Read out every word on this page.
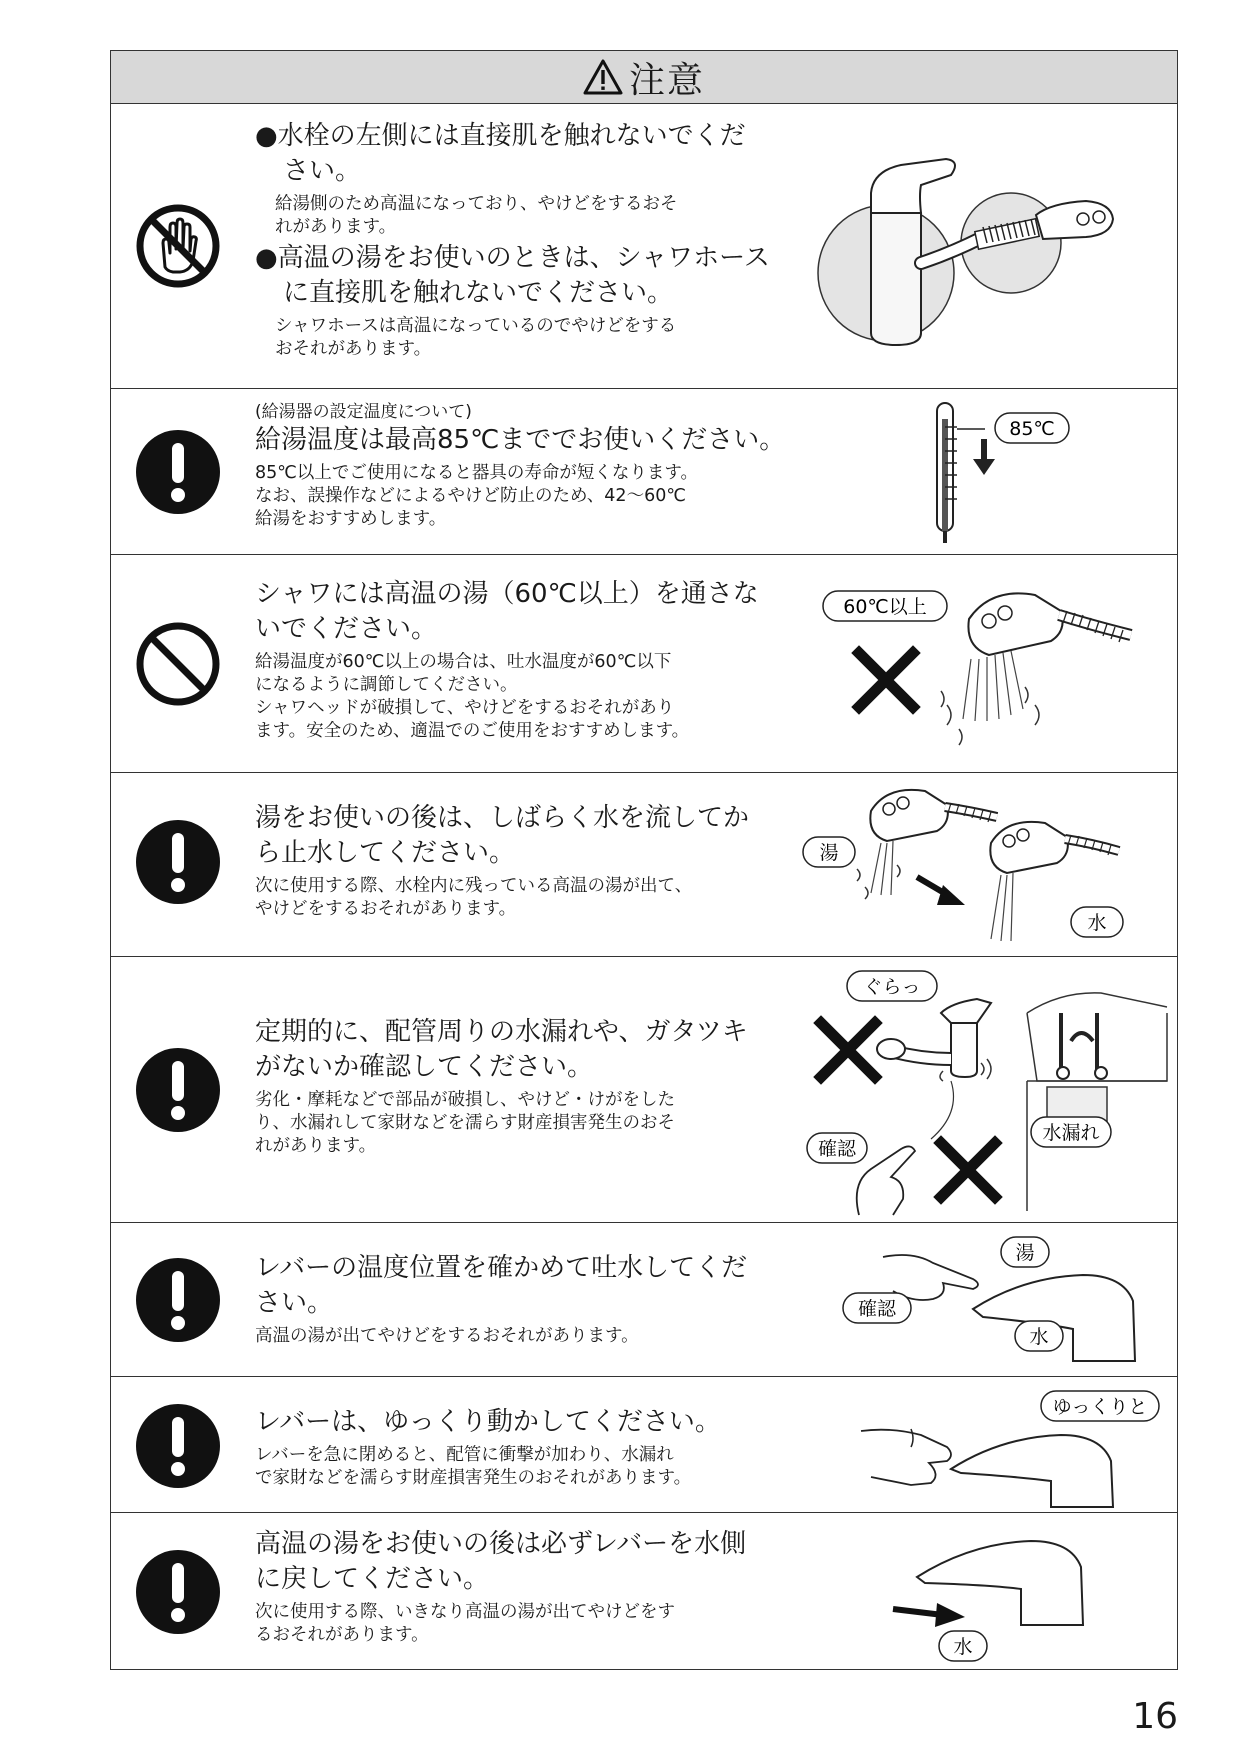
注意

●水栓の左側には直接肌を触れないでくだ

さい。

給湯側のため高温になっており、やけどをするおそ

れがあります。

●高温の湯をお使いのときは、シャワホース

に直接肌を触れないでください。

シャワホースは高温になっているのでやけどをする

おそれがあります。

(給湯器の設定温度について)

給湯温度は最高85℃まででお使いください。

85℃以上でご使用になると器具の寿命が短くなります。

なお、誤操作などによるやけど防止のため、42～60℃

給湯をおすすめします。

85℃

シャワには高温の湯（60℃以上）を通さな

いでください。

給湯温度が60℃以上の場合は、吐水温度が60℃以下

になるように調節してください。

シャワヘッドが破損して、やけどをするおそれがあり

ます。安全のため、適温でのご使用をおすすめします。

60℃以上

湯をお使いの後は、しばらく水を流してか

ら止水してください。

次に使用する際、水栓内に残っている高温の湯が出て、

やけどをするおそれがあります。

湯
水

定期的に、配管周りの水漏れや、ガタツキ

がないか確認してください。

劣化・摩耗などで部品が破損し、やけど・けがをした

り、水漏れして家財などを濡らす財産損害発生のおそ

れがあります。

ぐらっ
確認
水漏れ

レバーの温度位置を確かめて吐水してくだ

さい。

高温の湯が出てやけどをするおそれがあります。

湯
確認
水

レバーは、ゆっくり動かしてください。

レバーを急に閉めると、配管に衝撃が加わり、水漏れ

で家財などを濡らす財産損害発生のおそれがあります。

ゆっくりと

高温の湯をお使いの後は必ずレバーを水側

に戻してください。

次に使用する際、いきなり高温の湯が出てやけどをす

るおそれがあります。

水
16
